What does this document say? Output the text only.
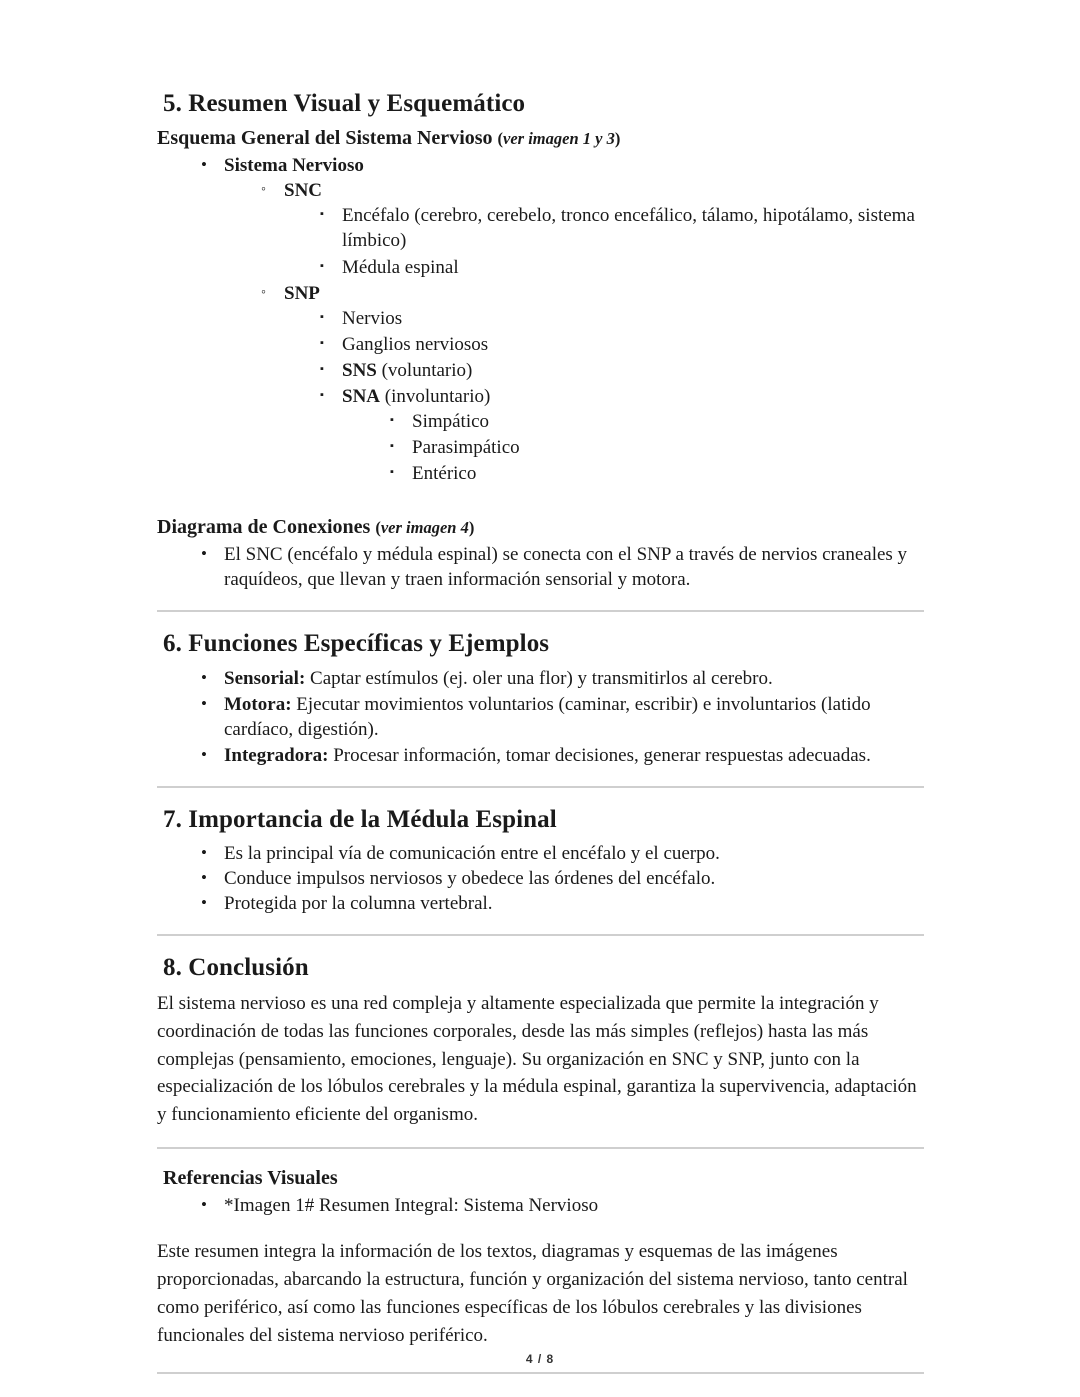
5. Resumen Visual y Esquemático
Esquema General del Sistema Nervioso (ver imagen 1 y 3)
• Sistema Nervioso
◦ SNC
▪ Encéfalo (cerebro, cerebelo, tronco encefálico, tálamo, hipotálamo, sistema límbico)
▪ Médula espinal
◦ SNP
▪ Nervios
▪ Ganglios nerviosos
▪ SNS (voluntario)
▪ SNA (involuntario)
▪ Simpático
▪ Parasimpático
▪ Entérico
Diagrama de Conexiones (ver imagen 4)
• El SNC (encéfalo y médula espinal) se conecta con el SNP a través de nervios craneales y raquídeos, que llevan y traen información sensorial y motora.
6. Funciones Específicas y Ejemplos
• Sensorial: Captar estímulos (ej. oler una flor) y transmitirlos al cerebro.
• Motora: Ejecutar movimientos voluntarios (caminar, escribir) e involuntarios (latido cardíaco, digestión).
• Integradora: Procesar información, tomar decisiones, generar respuestas adecuadas.
7. Importancia de la Médula Espinal
• Es la principal vía de comunicación entre el encéfalo y el cuerpo.
• Conduce impulsos nerviosos y obedece las órdenes del encéfalo.
• Protegida por la columna vertebral.
8. Conclusión

El sistema nervioso es una red compleja y altamente especializada que permite la integración y coordinación de todas las funciones corporales, desde las más simples (reflejos) hasta las más complejas (pensamiento, emociones, lenguaje). Su organización en SNC y SNP, junto con la especialización de los lóbulos cerebrales y la médula espinal, garantiza la supervivencia, adaptación y funcionamiento eficiente del organismo.

Referencias Visuales
• *Imagen 1# Resumen Integral: Sistema Nervioso

Este resumen integra la información de los textos, diagramas y esquemas de las imágenes proporcionadas, abarcando la estructura, función y organización del sistema nervioso, tanto central como periférico, así como las funciones específicas de los lóbulos cerebrales y las divisiones funcionales del sistema nervioso periférico.

4 / 8
